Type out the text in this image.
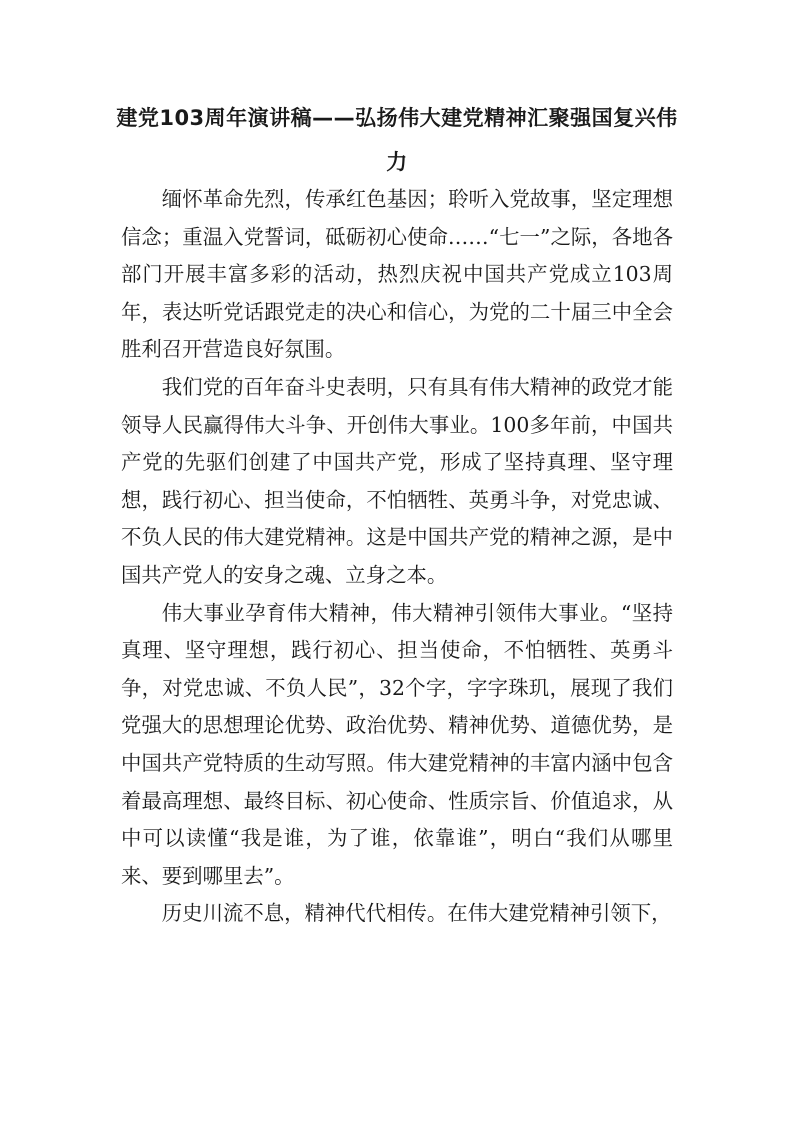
建党103周年演讲稿——弘扬伟大建党精神汇聚强国复兴伟力

缅怀革命先烈，传承红色基因；聆听入党故事，坚定理想信念；重温入党誓词，砥砺初心使命……“七一”之际，各地各部门开展丰富多彩的活动，热烈庆祝中国共产党成立103周年，表达听党话跟党走的决心和信心，为党的二十届三中全会胜利召开营造良好氛围。

我们党的百年奋斗史表明，只有具有伟大精神的政党才能领导人民赢得伟大斗争、开创伟大事业。100多年前，中国共产党的先驱们创建了中国共产党，形成了坚持真理、坚守理想，践行初心、担当使命，不怕牺牲、英勇斗争，对党忠诚、不负人民的伟大建党精神。这是中国共产党的精神之源，是中国共产党人的安身之魂、立身之本。

伟大事业孕育伟大精神，伟大精神引领伟大事业。“坚持真理、坚守理想，践行初心、担当使命，不怕牺牲、英勇斗争，对党忠诚、不负人民”，32个字，字字珠玑，展现了我们党强大的思想理论优势、政治优势、精神优势、道德优势，是中国共产党特质的生动写照。伟大建党精神的丰富内涵中包含着最高理想、最终目标、初心使命、性质宗旨、价值追求，从中可以读懂“我是谁，为了谁，依靠谁”，明白“我们从哪里来、要到哪里去”。

历史川流不息，精神代代相传。在伟大建党精神引领下，
